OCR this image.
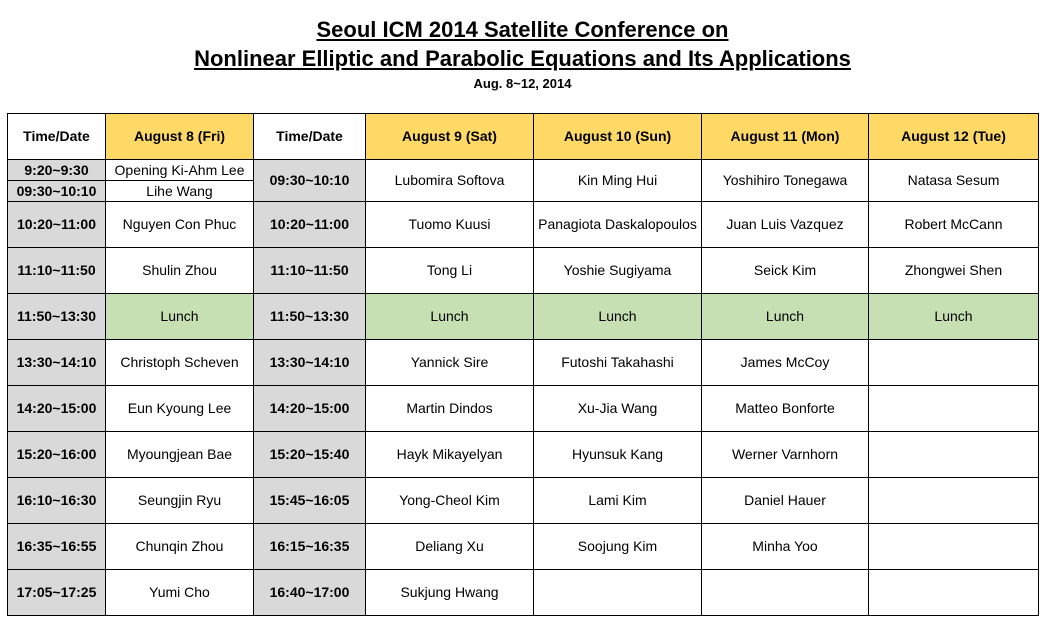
Seoul ICM 2014 Satellite Conference on
Nonlinear Elliptic and Parabolic Equations and Its Applications
Aug. 8~12, 2014
Time/Date	August 8 (Fri)	Time/Date	August 9 (Sat)	August 10 (Sun)	August 11 (Mon)	August 12 (Tue)
9:20~9:30	Opening Ki-Ahm Lee	09:30~10:10	Lubomira Softova	Kin Ming Hui	Yoshihiro Tonegawa	Natasa Sesum
09:30~10:10	Lihe Wang					
10:20~11:00	Nguyen Con Phuc	10:20~11:00	Tuomo Kuusi	Panagiota Daskalopoulos	Juan Luis Vazquez	Robert McCann
11:10~11:50	Shulin Zhou	11:10~11:50	Tong Li	Yoshie Sugiyama	Seick Kim	Zhongwei Shen
11:50~13:30	Lunch	11:50~13:30	Lunch	Lunch	Lunch	Lunch
13:30~14:10	Christoph Scheven	13:30~14:10	Yannick Sire	Futoshi Takahashi	James McCoy	
14:20~15:00	Eun Kyoung Lee	14:20~15:00	Martin Dindos	Xu-Jia Wang	Matteo Bonforte	
15:20~16:00	Myoungjean Bae	15:20~15:40	Hayk Mikayelyan	Hyunsuk Kang	Werner Varnhorn	
16:10~16:30	Seungjin Ryu	15:45~16:05	Yong-Cheol Kim	Lami Kim	Daniel Hauer	
16:35~16:55	Chunqin Zhou	16:15~16:35	Deliang Xu	Soojung Kim	Minha Yoo	
17:05~17:25	Yumi Cho	16:40~17:00	Sukjung Hwang			
